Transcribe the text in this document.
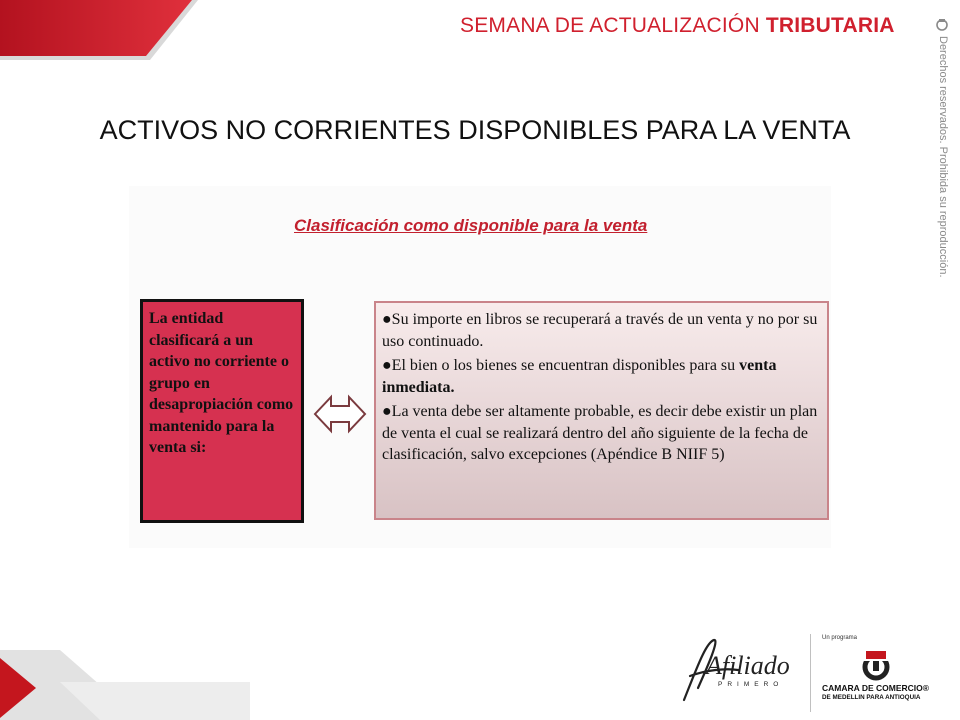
SEMANA DE ACTUALIZACIÓN TRIBUTARIA
Derechos reservados. Prohibida su reproducción.
ACTIVOS NO CORRIENTES DISPONIBLES PARA LA VENTA
Clasificación como disponible para la venta
La entidad clasificará a un activo no corriente o grupo en desapropiación como mantenido para la venta si:

●Su importe en libros se recuperará a través de un venta y no por su uso continuado.

●El bien o los bienes se encuentran disponibles para su venta inmediata.

●La venta debe ser altamente probable, es decir debe existir un plan de venta el cual se realizará dentro del año siguiente de la fecha de clasificación, salvo excepciones (Apéndice B NIIF 5)

Afiliado
PRIMERO
Un programa
CAMARA DE COMERCIO®
DE MEDELLIN PARA ANTIOQUIA
